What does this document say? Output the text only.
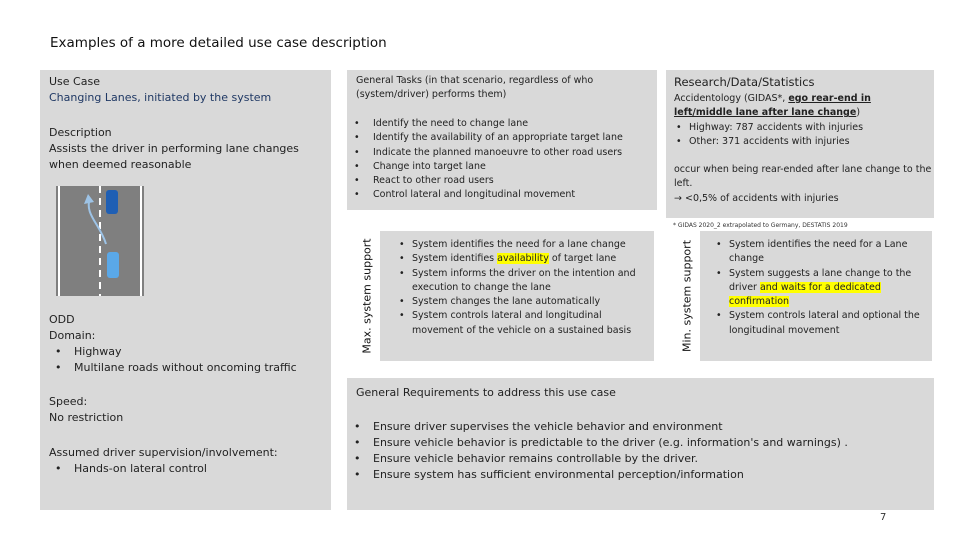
Examples of a more detailed use case description
Use Case
Changing Lanes, initiated by the system
Description
Assists the driver in performing lane changes when deemed reasonable
ODD
Domain:
• Highway
• Multilane roads without oncoming traffic
Speed:
No restriction
Assumed driver supervision/involvement:
• Hands-on lateral control
General Tasks (in that scenario, regardless of who (system/driver) performs them)
• Identify the need to change lane
• Identify the availability of an appropriate target lane
• Indicate the planned manoeuvre to other road users
• Change into target lane
• React to other road users
• Control lateral and longitudinal movement
Research/Data/Statistics
Accidentology (GIDAS*, ego rear-end in left/middle lane after lane change)
• Highway: 787 accidents with injuries
• Other: 371 accidents with injuries
occur when being rear-ended after lane change to the left.
→ <0,5% of accidents with injuries
* GIDAS 2020_2 extrapolated to Germany, DESTATIS 2019
Max. system support	• System identifies the need for a lane change
• System identifies availability of target lane
• System informs the driver on the intention and execution to change the lane
• System changes the lane automatically
• System controls lateral and longitudinal movement of the vehicle on a sustained basis	Min. system support	• System identifies the need for a Lane change
• System suggests a lane change to the driver and waits for a dedicated confirmation
• System controls lateral and optional the longitudinal movement
General Requirements to address this use case
• Ensure driver supervises the vehicle behavior and environment
• Ensure vehicle behavior is predictable to the driver (e.g. information's and warnings) .
• Ensure vehicle behavior remains controllable by the driver.
• Ensure system has sufficient environmental perception/information
7
